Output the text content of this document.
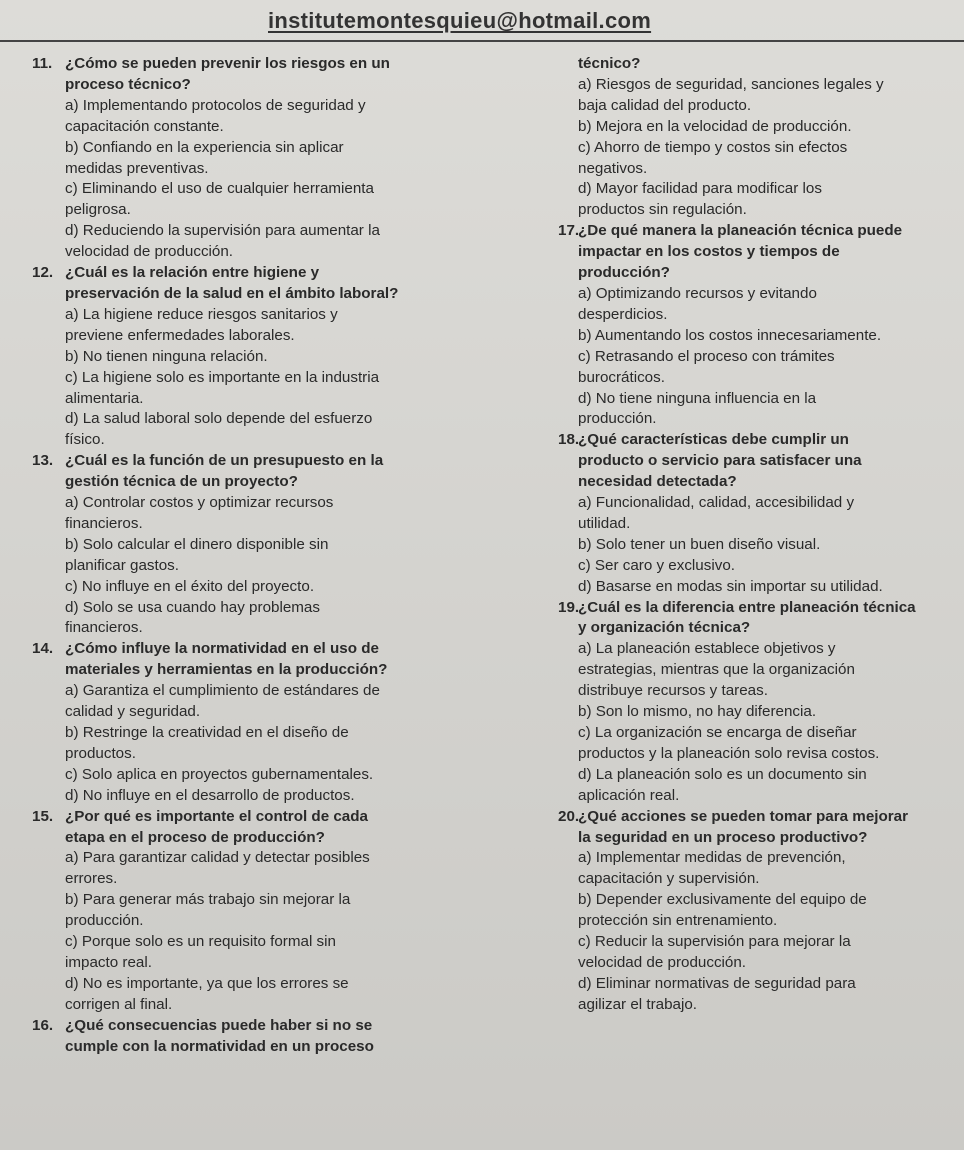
institutemontesquieu@hotmail.com
11. ¿Cómo se pueden prevenir los riesgos en un
proceso técnico?
a) Implementando protocolos de seguridad y
capacitación constante.
b) Confiando en la experiencia sin aplicar
medidas preventivas.
c) Eliminando el uso de cualquier herramienta
peligrosa.
d) Reduciendo la supervisión para aumentar la
velocidad de producción.
12. ¿Cuál es la relación entre higiene y
preservación de la salud en el ámbito laboral?
a) La higiene reduce riesgos sanitarios y
previene enfermedades laborales.
b) No tienen ninguna relación.
c) La higiene solo es importante en la industria
alimentaria.
d) La salud laboral solo depende del esfuerzo
físico.
13. ¿Cuál es la función de un presupuesto en la
gestión técnica de un proyecto?
a) Controlar costos y optimizar recursos
financieros.
b) Solo calcular el dinero disponible sin
planificar gastos.
c) No influye en el éxito del proyecto.
d) Solo se usa cuando hay problemas
financieros.
14. ¿Cómo influye la normatividad en el uso de
materiales y herramientas en la producción?
a) Garantiza el cumplimiento de estándares de
calidad y seguridad.
b) Restringe la creatividad en el diseño de
productos.
c) Solo aplica en proyectos gubernamentales.
d) No influye en el desarrollo de productos.
15. ¿Por qué es importante el control de cada
etapa en el proceso de producción?
a) Para garantizar calidad y detectar posibles
errores.
b) Para generar más trabajo sin mejorar la
producción.
c) Porque solo es un requisito formal sin
impacto real.
d) No es importante, ya que los errores se
corrigen al final.
16. ¿Qué consecuencias puede haber si no se
cumple con la normatividad en un proceso
técnico?
a) Riesgos de seguridad, sanciones legales y
baja calidad del producto.
b) Mejora en la velocidad de producción.
c) Ahorro de tiempo y costos sin efectos
negativos.
d) Mayor facilidad para modificar los
productos sin regulación.
17.¿De qué manera la planeación técnica puede
impactar en los costos y tiempos de
producción?
a) Optimizando recursos y evitando
desperdicios.
b) Aumentando los costos innecesariamente.
c) Retrasando el proceso con trámites
burocráticos.
d) No tiene ninguna influencia en la
producción.
18.¿Qué características debe cumplir un
producto o servicio para satisfacer una
necesidad detectada?
a) Funcionalidad, calidad, accesibilidad y
utilidad.
b) Solo tener un buen diseño visual.
c) Ser caro y exclusivo.
d) Basarse en modas sin importar su utilidad.
19.¿Cuál es la diferencia entre planeación técnica
y organización técnica?
a) La planeación establece objetivos y
estrategias, mientras que la organización
distribuye recursos y tareas.
b) Son lo mismo, no hay diferencia.
c) La organización se encarga de diseñar
productos y la planeación solo revisa costos.
d) La planeación solo es un documento sin
aplicación real.
20.¿Qué acciones se pueden tomar para mejorar
la seguridad en un proceso productivo?
a) Implementar medidas de prevención,
capacitación y supervisión.
b) Depender exclusivamente del equipo de
protección sin entrenamiento.
c) Reducir la supervisión para mejorar la
velocidad de producción.
d) Eliminar normativas de seguridad para
agilizar el trabajo.
